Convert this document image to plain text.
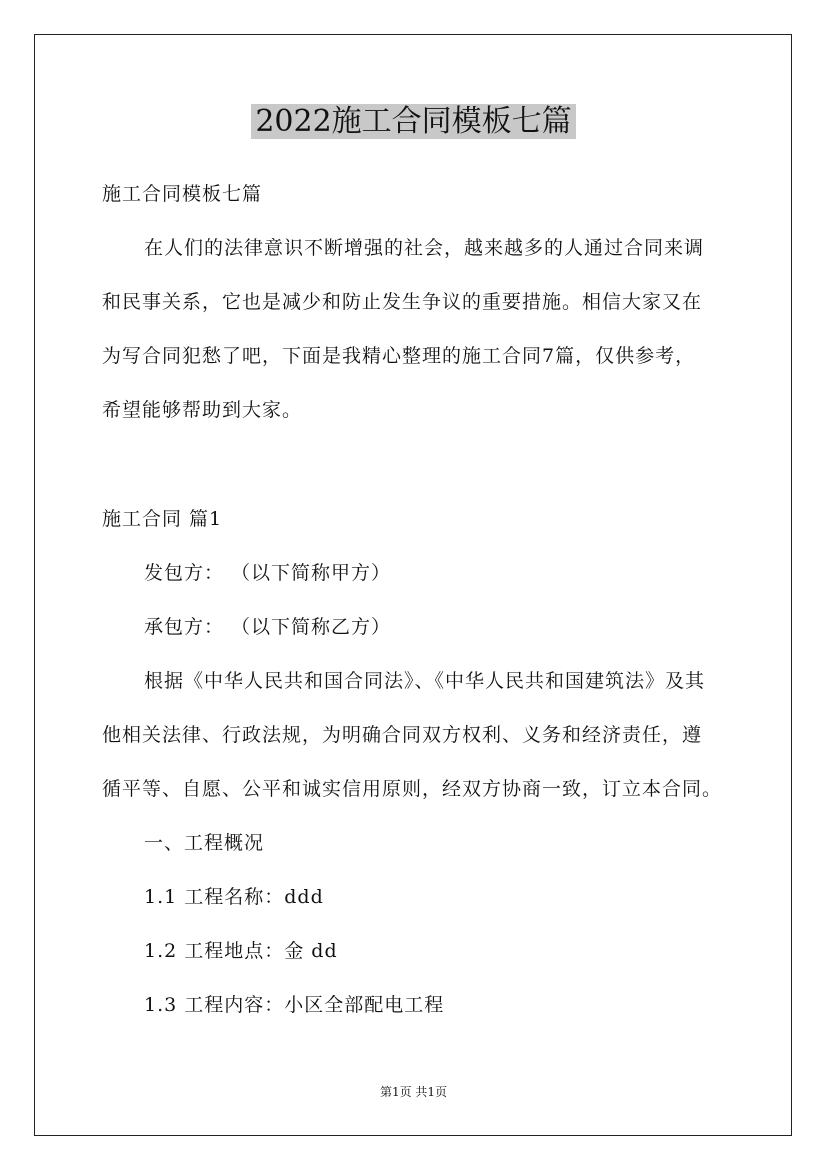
2022施工合同模板七篇
施工合同模板七篇
在人们的法律意识不断增强的社会，越来越多的人通过合同来调
和民事关系，它也是减少和防止发生争议的重要措施。相信大家又在
为写合同犯愁了吧，下面是我精心整理的施工合同7篇，仅供参考，
希望能够帮助到大家。
施工合同 篇1
发包方： （以下简称甲方）
承包方： （以下简称乙方）
根据《中华人民共和国合同法》、《中华人民共和国建筑法》及其
他相关法律、行政法规，为明确合同双方权利、义务和经济责任，遵
循平等、自愿、公平和诚实信用原则，经双方协商一致，订立本合同。
一、工程概况
1.1 工程名称：ddd
1.2 工程地点：金 dd
1.3 工程内容：小区全部配电工程
第1页 共1页
